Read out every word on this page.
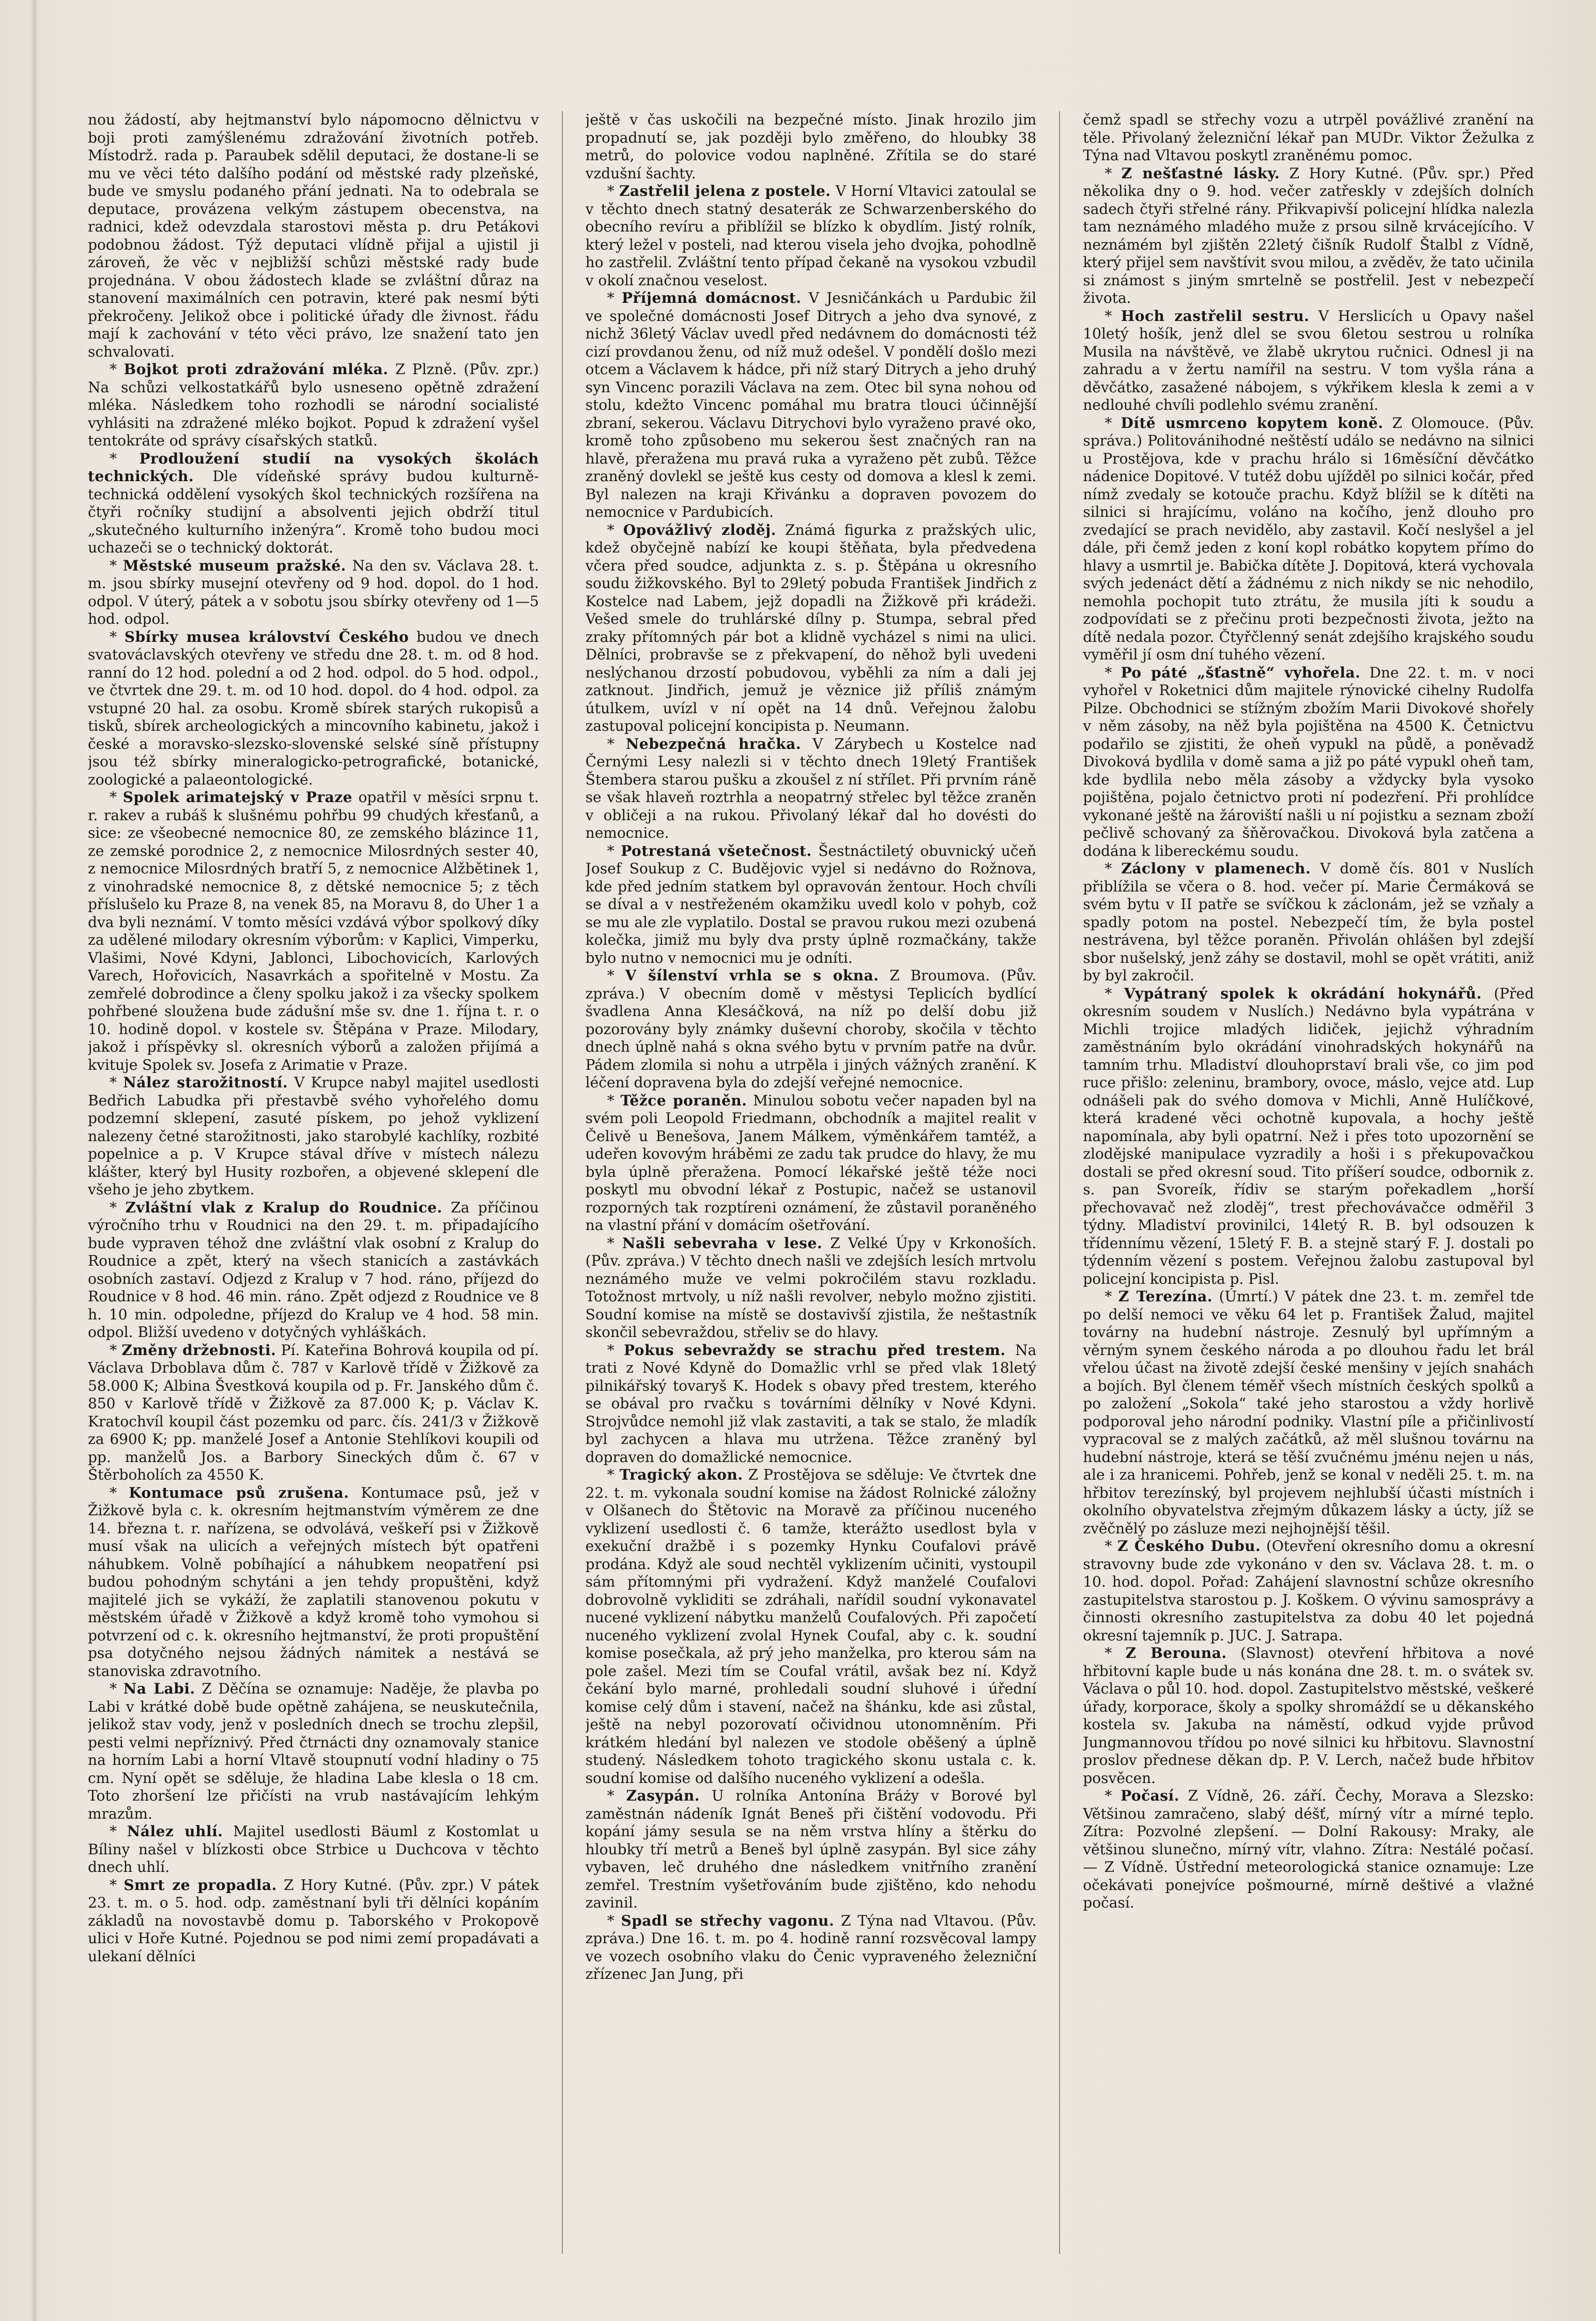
nou žádostí, aby hejtmanství bylo nápomocno dělnictvu v boji proti zamýšlenému zdražování životních potřeb. Místodrž. rada p. Paraubek sdělil deputaci, že dostane-li se mu ve věci této dalšího podání od městské rady plzeňské, bude ve smyslu podaného přání jednati. Na to odebrala se deputace, provázena velkým zástupem obecenstva, na radnici, kdež odevzdala starostovi města p. dru Petákovi podobnou žádost. Týž deputaci vlídně přijal a ujistil ji zároveň, že věc v nejbližší schůzi městské rady bude projednána. V obou žádostech klade se zvláštní důraz na stanovení maximálních cen potravin, které pak nesmí býti překročeny. Jelikož obce i politické úřady dle živnost. řádu mají k zachování v této věci právo, lze snažení tato jen schvalovati.

* Bojkot proti zdražování mléka. Z Plzně. (Pův. zpr.) Na schůzi velkostatkářů bylo usneseno opětně zdražení mléka. Následkem toho rozhodli se národní socialisté vyhlásiti na zdražené mléko bojkot. Popud k zdražení vyšel tentokráte od správy císařských statků.

* Prodloužení studií na vysokých školách technických. Dle vídeňské správy budou kulturně-technická oddělení vysokých škol technických rozšířena na čtyři ročníky studijní a absolventi jejich obdrží titul „skutečného kulturního inženýra“. Kromě toho budou moci uchazeči se o technický doktorát.

* Městské museum pražské. Na den sv. Václava 28. t. m. jsou sbírky musejní otevřeny od 9 hod. dopol. do 1 hod. odpol. V úterý, pátek a v sobotu jsou sbírky otevřeny od 1—5 hod. odpol.

* Sbírky musea království Českého budou ve dnech svatováclavských otevřeny ve středu dne 28. t. m. od 8 hod. ranní do 12 hod. polední a od 2 hod. odpol. do 5 hod. odpol., ve čtvrtek dne 29. t. m. od 10 hod. dopol. do 4 hod. odpol. za vstupné 20 hal. za osobu. Kromě sbírek starých rukopisů a tisků, sbírek archeologických a mincovního kabinetu, jakož i české a moravsko-slezsko-slovenské selské síně přístupny jsou též sbírky mineralogicko-petrografické, botanické, zoologické a palaeontologické.

* Spolek arimatejský v Praze opatřil v měsíci srpnu t. r. rakev a rubáš k slušnému pohřbu 99 chudých křesťanů, a sice: ze všeobecné nemocnice 80, ze zemského blázince 11, ze zemské porodnice 2, z nemocnice Milosrdných sester 40, z nemocnice Milosrdných bratří 5, z nemocnice Alžbětinek 1, z vinohradské nemocnice 8, z dětské nemocnice 5; z těch příslušelo ku Praze 8, na venek 85, na Moravu 8, do Uher 1 a dva byli neznámí. V tomto měsíci vzdává výbor spolkový díky za udělené milodary okresním výborům: v Kaplici, Vimperku, Vlašimi, Nové Kdyni, Jablonci, Libochovicích, Karlových Varech, Hořovicích, Nasavrkách a spořitelně v Mostu. Za zemřelé dobrodince a členy spolku jakož i za všecky spolkem pohřbené sloužena bude zádušní mše sv. dne 1. října t. r. o 10. hodině dopol. v kostele sv. Štěpána v Praze. Milodary, jakož i příspěvky sl. okresních výborů a založen přijímá a kvituje Spolek sv. Josefa z Arimatie v Praze.

* Nález starožitností. V Krupce nabyl majitel usedlosti Bedřich Labudka při přestavbě svého vyhořelého domu podzemní sklepení, zasuté pískem, po jehož vyklizení nalezeny četné starožitnosti, jako starobylé kachlíky, rozbité popelnice a p. V Krupce stával dříve v místech nálezu klášter, který byl Husity rozbořen, a objevené sklepení dle všeho je jeho zbytkem.

* Zvláštní vlak z Kralup do Roudnice. Za příčinou výročního trhu v Roudnici na den 29. t. m. připadajícího bude vypraven téhož dne zvláštní vlak osobní z Kralup do Roudnice a zpět, který na všech stanicích a zastávkách osobních zastaví. Odjezd z Kralup v 7 hod. ráno, příjezd do Roudnice v 8 hod. 46 min. ráno. Zpět odjezd z Roudnice ve 8 h. 10 min. odpoledne, příjezd do Kralup ve 4 hod. 58 min. odpol. Bližší uvedeno v dotyčných vyhláškách.

* Změny držebnosti. Pí. Kateřina Bohrová koupila od pí. Václava Drboblava dům č. 787 v Karlově třídě v Žižkově za 58.000 K; Albina Švestková koupila od p. Fr. Janského dům č. 850 v Karlově třídě v Žižkově za 87.000 K; p. Václav K. Kratochvíl koupil část pozemku od parc. čís. 241/3 v Žižkově za 6900 K; pp. manželé Josef a Antonie Stehlíkovi koupili od pp. manželů Jos. a Barbory Sineckých dům č. 67 v Štěrboholích za 4550 K.

* Kontumace psů zrušena. Kontumace psů, jež v Žižkově byla c. k. okresním hejtmanstvím výměrem ze dne 14. března t. r. nařízena, se odvolává, veškeří psi v Žižkově musí však na ulicích a veřejných místech být opatřeni náhubkem. Volně pobíhající a náhubkem neopatření psi budou pohodným schytáni a jen tehdy propuštěni, když majitelé jich se vykáží, že zaplatili stanovenou pokutu v městském úřadě v Žižkově a když kromě toho vymohou si potvrzení od c. k. okresního hejtmanství, že proti propuštění psa dotyčného nejsou žádných námitek a nestává se stanoviska zdravotního.

* Na Labi. Z Děčína se oznamuje: Naděje, že plavba po Labi v krátké době bude opětně zahájena, se neuskutečnila, jelikož stav vody, jenž v posledních dnech se trochu zlepšil, pesti velmi nepříznivý. Před čtrnácti dny oznamovaly stanice na horním Labi a horní Vltavě stoupnutí vodní hladiny o 75 cm. Nyní opět se sděluje, že hladina Labe klesla o 18 cm. Toto zhoršení lze přičísti na vrub nastávajícím lehkým mrazům.

* Nález uhlí. Majitel usedlosti Bäuml z Kostomlat u Bíliny našel v blízkosti obce Strbice u Duchcova v těchto dnech uhlí.

* Smrt ze propadla. Z Hory Kutné. (Pův. zpr.) V pátek 23. t. m. o 5. hod. odp. zaměstnaní byli tři dělníci kopáním základů na novostavbě domu p. Taborského v Prokopově ulici v Hoře Kutné. Pojednou se pod nimi zemí propadávati a ulekaní dělníci

ještě v čas uskočili na bezpečné místo. Jinak hrozilo jim propadnutí se, jak později bylo změřeno, do hloubky 38 metrů, do polovice vodou naplněné. Zřítila se do staré vzdušní šachty.

* Zastřelil jelena z postele. V Horní Vltavici zatoulal se v těchto dnech statný desaterák ze Schwarzenberského do obecního revíru a přiblížil se blízko k obydlím. Jistý rolník, který ležel v posteli, nad kterou visela jeho dvojka, pohodlně ho zastřelil. Zvláštní tento případ čekaně na vysokou vzbudil v okolí značnou veselost.

* Příjemná domácnost. V Jesničánkách u Pardubic žil ve společné domácnosti Josef Ditrych a jeho dva synové, z nichž 36letý Václav uvedl před nedávnem do domácnosti též cizí provdanou ženu, od níž muž odešel. V pondělí došlo mezi otcem a Václavem k hádce, při níž starý Ditrych a jeho druhý syn Vincenc porazili Václava na zem. Otec bil syna nohou od stolu, kdežto Vincenc pomáhal mu bratra tlouci účinnější zbraní, sekerou. Václavu Ditrychovi bylo vyraženo pravé oko, kromě toho způsobeno mu sekerou šest značných ran na hlavě, přeražena mu pravá ruka a vyraženo pět zubů. Těžce zraněný dovlekl se ještě kus cesty od domova a klesl k zemi. Byl nalezen na kraji Křivánku a dopraven povozem do nemocnice v Pardubicích.

* Opovážlivý zloděj. Známá figurka z pražských ulic, kdež obyčejně nabízí ke koupi štěňata, byla předvedena včera před soudce, adjunkta z. s. p. Štěpána u okresního soudu žižkovského. Byl to 29letý pobuda František Jindřich z Kostelce nad Labem, jejž dopadli na Žižkově při krádeži. Vešed smele do truhlárské dílny p. Stumpa, sebral před zraky přítomných pár bot a klidně vycházel s nimi na ulici. Dělníci, probravše se z překvapení, do něhož byli uvedeni neslýchanou drzostí pobudovou, vyběhli za ním a dali jej zatknout. Jindřich, jemuž je věznice již příliš známým útulkem, uvízl v ní opět na 14 dnů. Veřejnou žalobu zastupoval policejní koncipista p. Neumann.

* Nebezpečná hračka. V Zárybech u Kostelce nad Černými Lesy nalezli si v těchto dnech 19letý František Štembera starou pušku a zkoušel z ní střílet. Při prvním ráně se však hlaveň roztrhla a neopatrný střelec byl těžce zraněn v obličeji a na rukou. Přivolaný lékař dal ho dovésti do nemocnice.

* Potrestaná všetečnost. Šestnáctiletý obuvnický učeň Josef Soukup z C. Budějovic vyjel si nedávno do Rožnova, kde před jedním statkem byl opravován žentour. Hoch chvíli se díval a v nestřeženém okamžiku uvedl kolo v pohyb, což se mu ale zle vyplatilo. Dostal se pravou rukou mezi ozubená kolečka, jimiž mu byly dva prsty úplně rozmačkány, takže bylo nutno v nemocnici mu je odníti.

* V šílenství vrhla se s okna. Z Broumova. (Pův. zpráva.) V obecním domě v městysi Teplicích bydlící švadlena Anna Klesáčková, na níž po delší dobu již pozorovány byly známky duševní choroby, skočila v těchto dnech úplně nahá s okna svého bytu v prvním patře na dvůr. Pádem zlomila si nohu a utrpěla i jiných vážných zranění. K léčení dopravena byla do zdejší veřejné nemocnice.

* Těžce poraněn. Minulou sobotu večer napaden byl na svém poli Leopold Friedmann, obchodník a majitel realit v Čelivě u Benešova, Janem Málkem, výměnkářem tamtéž, a udeřen kovovým hráběmi ze zadu tak prudce do hlavy, že mu byla úplně přeražena. Pomocí lékařské ještě téže noci poskytl mu obvodní lékař z Postupic, načež se ustanovil rozporných tak rozptíreni oznámení, že zůstavil poraněného na vlastní přání v domácím ošetřování.

* Našli sebevraha v lese. Z Velké Úpy v Krkonoších. (Pův. zpráva.) V těchto dnech našli ve zdejších lesích mrtvolu neznámého muže ve velmi pokročilém stavu rozkladu. Totožnost mrtvoly, u níž našli revolver, nebylo možno zjistiti. Soudní komise na místě se dostavivší zjistila, že neštastník skončil sebevraždou, střeliv se do hlavy.

* Pokus sebevraždy se strachu před trestem. Na trati z Nové Kdyně do Domažlic vrhl se před vlak 18letý pilnikářský tovaryš K. Hodek s obavy před trestem, kterého se obával pro rvačku s továrními dělníky v Nové Kdyni. Strojvůdce nemohl již vlak zastaviti, a tak se stalo, že mladík byl zachycen a hlava mu utržena. Těžce zraněný byl dopraven do domažlické nemocnice.

* Tragický akon. Z Prostějova se sděluje: Ve čtvrtek dne 22. t. m. vykonala soudní komise na žádost Rolnické záložny v Olšanech do Štětovic na Moravě za příčinou nuceného vyklizení usedlosti č. 6 tamže, kterážto usedlost byla v exekuční dražbě i s pozemky Hynku Coufalovi právě prodána. Když ale soud nechtěl vyklizením učiniti, vystoupil sám přítomnými při vydražení. Když manželé Coufalovi dobrovolně vykliditi se zdráhali, nařídil soudní vykonavatel nucené vyklizení nábytku manželů Coufalových. Při započetí nuceného vyklizení zvolal Hynek Coufal, aby c. k. soudní komise posečkala, až prý jeho manželka, pro kterou sám na pole zašel. Mezi tím se Coufal vrátil, avšak bez ní. Když čekání bylo marné, prohledali soudní sluhové i úřední komise celý dům i stavení, načež na šhánku, kde asi zůstal, ještě na nebyl pozorovatí očividnou utonomněním. Při krátkém hledání byl nalezen ve stodole oběšený a úplně studený. Následkem tohoto tragického skonu ustala c. k. soudní komise od dalšího nuceného vyklizení a odešla.

* Zasypán. U rolníka Antonína Bráży v Borové byl zaměstnán nádeník Ignát Beneš při čištění vodovodu. Při kopání jámy sesula se na něm vrstva hlíny a štěrku do hloubky tří metrů a Beneš byl úplně zasypán. Byl sice záhy vybaven, leč druhého dne následkem vnitřního zranění zemřel. Trestním vyšetřováním bude zjištěno, kdo nehodu zavinil.

* Spadl se střechy vagonu. Z Týna nad Vltavou. (Pův. zpráva.) Dne 16. t. m. po 4. hodině ranní rozsvěcoval lampy ve vozech osobního vlaku do Čenic vypraveného železniční zřízenec Jan Jung, při

čemž spadl se střechy vozu a utrpěl povážlivé zranění na těle. Přivolaný železniční lékař pan MUDr. Viktor Žežulka z Týna nad Vltavou poskytl zraněnému pomoc.

* Z nešťastné lásky. Z Hory Kutné. (Pův. spr.) Před několika dny o 9. hod. večer zatřeskly v zdejších dolních sadech čtyři střelné rány. Přikvapivší policejní hlídka nalezla tam neznámého mladého muže z prsou silně krvácejícího. V neznámém byl zjištěn 22letý čišník Rudolf Štalbl z Vídně, který přijel sem navštívit svou milou, a zvěděv, že tato učinila si známost s jiným smrtelně se postřelil. Jest v nebezpečí života.

* Hoch zastřelil sestru. V Herslicích u Opavy našel 10letý hošík, jenž dlel se svou 6letou sestrou u rolníka Musila na návštěvě, ve žlabě ukrytou ručnici. Odnesl ji na zahradu a v žertu namířil na sestru. V tom vyšla rána a děvčátko, zasažené nábojem, s výkřikem klesla k zemi a v nedlouhé chvíli podlehlo svému zranění.

* Dítě usmrceno kopytem koně. Z Olomouce. (Pův. správa.) Politovánihodné neštěstí událo se nedávno na silnici u Prostějova, kde v prachu hrálo si 16měsíční děvčátko nádenice Dopitové. V tutéž dobu ujížděl po silnici kočár, před nímž zvedaly se kotouče prachu. Když blížil se k dítěti na silnici si hrajícímu, voláno na kočího, jenž dlouho pro zvedající se prach nevidělo, aby zastavil. Kočí neslyšel a jel dále, při čemž jeden z koní kopl robátko kopytem přímo do hlavy a usmrtil je. Babička dítěte J. Dopitová, která vychovala svých jedenáct dětí a žádnému z nich nikdy se nic nehodilo, nemohla pochopit tuto ztrátu, že musila jíti k soudu a zodpovídati se z přečinu proti bezpečnosti života, ježto na dítě nedala pozor. Čtyřčlenný senát zdejšího krajského soudu vyměřil jí osm dní tuhého vězení.

* Po páté „šťastně“ vyhořela. Dne 22. t. m. v noci vyhořel v Roketnici dům majitele rýnovické cihelny Rudolfa Pilze. Obchodnici se stížným zbožím Marii Divokové shořely v něm zásoby, na něž byla pojištěna na 4500 K. Četnictvu podařilo se zjistiti, že oheň vypukl na půdě, a poněvadž Divoková bydlila v domě sama a již po páté vypukl oheň tam, kde bydlila nebo měla zásoby a vždycky byla vysoko pojištěna, pojalo četnictvo proti ní podezření. Při prohlídce vykonané ještě na žároviští našli u ní pojistku a seznam zboží pečlivě schovaný za šňěrovačkou. Divoková byla zatčena a dodána k libereckému soudu.

* Záclony v plamenech. V domě čís. 801 v Nuslích přiblížila se včera o 8. hod. večer pí. Marie Čermáková se svém bytu v II patře se svíčkou k záclonám, jež se vzňaly a spadly potom na postel. Nebezpečí tím, že byla postel nestrávena, byl těžce poraněn. Přivolán ohlášen byl zdejší sbor nušelský, jenž záhy se dostavil, mohl se opět vrátiti, aniž by byl zakročil.

* Vypátraný spolek k okrádání hokynářů. (Před okresním soudem v Nuslích.) Nedávno byla vypátrána v Michli trojice mladých lidiček, jejichž výhradním zaměstnáním bylo okrádání vinohradských hokynářů na tamním trhu. Mladiství dlouhoprstaví brali vše, co jim pod ruce přišlo: zeleninu, brambory, ovoce, máslo, vejce atd. Lup odnášeli pak do svého domova v Michli, Anně Hulíčkové, která kradené věci ochotně kupovala, a hochy ještě napomínala, aby byli opatrní. Než i přes toto upozornění se zlodějské manipulace vyzradily a hoši i s překupovačkou dostali se před okresní soud. Tito příšerí soudce, odbornik z. s. pan Svoreík, řídiv se starým pořekadlem „horší přechovavač než zloděj“, trest přechovávačce odměřil 3 týdny. Mladiství provinilci, 14letý R. B. byl odsouzen k třídennímu vězení, 15letý F. B. a stejně starý F. J. dostali po týdenním vězení s postem. Veřejnou žalobu zastupoval byl policejní koncipista p. Pisl.

* Z Terezína. (Úmrtí.) V pátek dne 23. t. m. zemřel tde po delší nemoci ve věku 64 let p. František Žalud, majitel továrny na hudební nástroje. Zesnulý byl upřímným a věrným synem českého národa a po dlouhou řadu let brál vřelou účast na životě zdejší české menšiny v jejích snahách a bojích. Byl členem téměř všech místních českých spolků a po založení „Sokola“ také jeho starostou a vždy horlivě podporoval jeho národní podniky. Vlastní píle a přičinlivostí vypracoval se z malých začátků, až měl slušnou továrnu na hudební nástroje, která se těší zvučnému jménu nejen u nás, ale i za hranicemi. Pohřeb, jenž se konal v neděli 25. t. m. na hřbitov terezínský, byl projevem nejhlubší účasti místních i okolního obyvatelstva zřejmým důkazem lásky a úcty, jíž se zvěčnělý po zásluze mezi nejhojnější těšil.

* Z Českého Dubu. (Otevření okresního domu a okresní stravovny bude zde vykonáno v den sv. Václava 28. t. m. o 10. hod. dopol. Pořad: Zahájení slavnostní schůze okresního zastupitelstva starostou p. J. Koškem. O vývinu samosprávy a činnosti okresního zastupitelstva za dobu 40 let pojedná okresní tajemník p. JUC. J. Satrapa.

* Z Berouna. (Slavnost) otevření hřbitova a nové hřbitovní kaple bude u nás konána dne 28. t. m. o svátek sv. Václava o půl 10. hod. dopol. Zastupitelstvo městské, veškeré úřady, korporace, školy a spolky shromáždí se u děkanského kostela sv. Jakuba na náměstí, odkud vyjde průvod Jungmannovou třídou po nové silnici ku hřbitovu. Slavnostní proslov přednese děkan dp. P. V. Lerch, načež bude hřbitov posvěcen.

* Počasí. Z Vídně, 26. září. Čechy, Morava a Slezsko: Většinou zamračeno, slabý déšť, mírný vítr a mírné teplo. Zítra: Pozvolné zlepšení. — Dolní Rakousy: Mraky, ale většinou slunečno, mírný vítr, vlahno. Zítra: Nestálé počasí. — Z Vídně. Ústřední meteorologická stanice oznamuje: Lze očekávati ponejvíce pošmourné, mírně deštivé a vlažné počasí.
